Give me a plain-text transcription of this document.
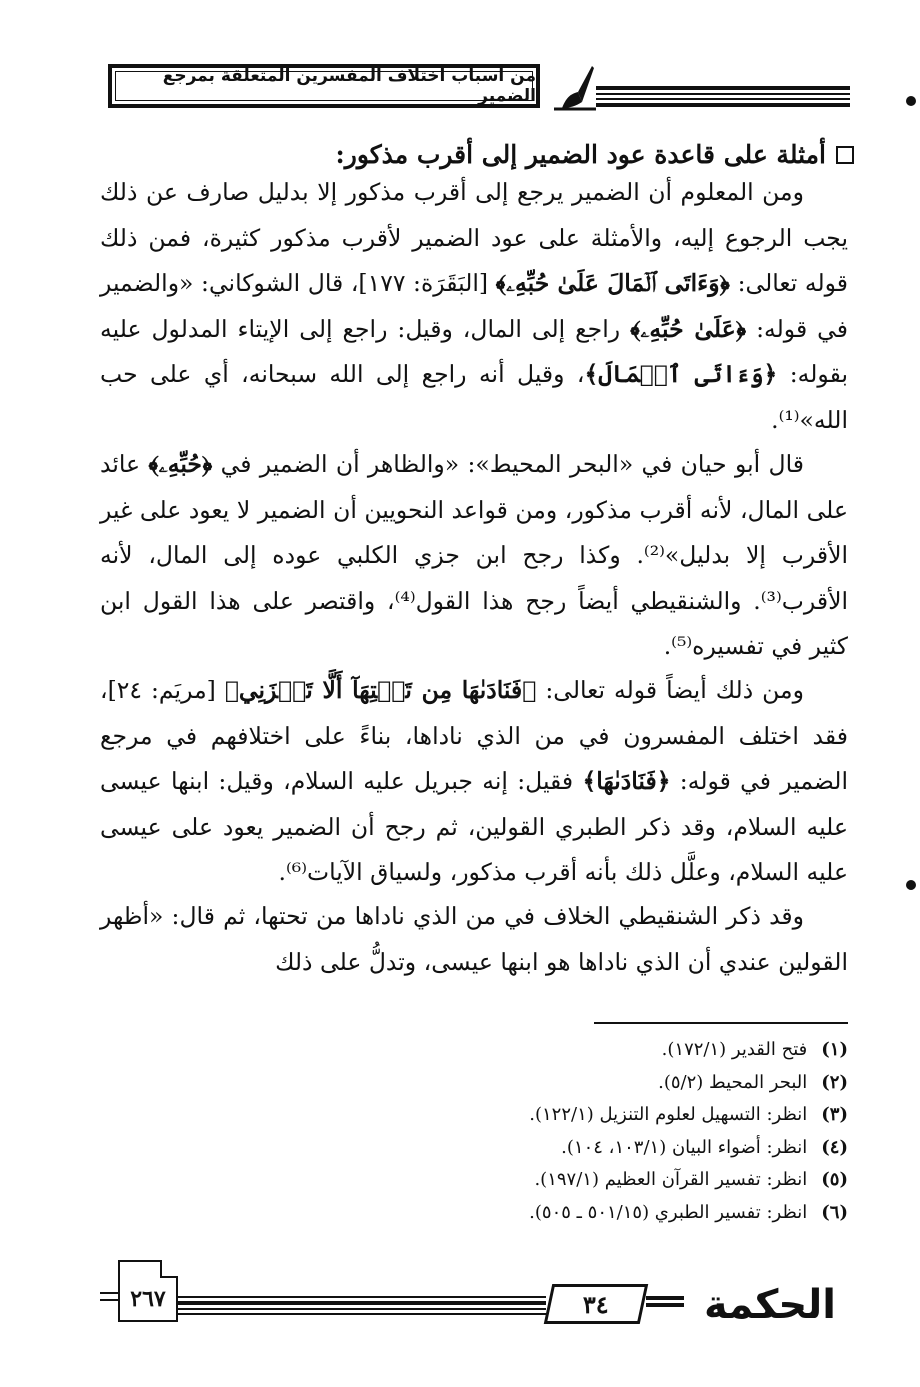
من أسباب اختلاف المفسرين المتعلقة بمرجع الضمير
أمثلة على قاعدة عود الضمير إلى أقرب مذكور:

ومن المعلوم أن الضمير يرجع إلى أقرب مذكور إلا بدليل صارف عن ذلك يجب الرجوع إليه، والأمثلة على عود الضمير لأقرب مذكور كثيرة، فمن ذلك قوله تعالى: ﴿وَءَاتَى ٱلۡمَالَ عَلَىٰ حُبِّهِۦ﴾ [البَقَرَة: ١٧٧]، قال الشوكاني: «والضمير في قوله: ﴿عَلَىٰ حُبِّهِۦ﴾ راجع إلى المال، وقيل: راجع إلى الإيتاء المدلول عليه بقوله: ﴿وَءَاتَى ٱلۡمَالَ﴾، وقيل أنه راجع إلى الله سبحانه، أي على حب الله»⁽¹⁾.

قال أبو حيان في «البحر المحيط»: «والظاهر أن الضمير في ﴿حُبِّهِۦ﴾ عائد على المال، لأنه أقرب مذكور، ومن قواعد النحويين أن الضمير لا يعود على غير الأقرب إلا بدليل»⁽²⁾. وكذا رجح ابن جزي الكلبي عوده إلى المال، لأنه الأقرب⁽³⁾. والشنقيطي أيضاً رجح هذا القول⁽⁴⁾، واقتصر على هذا القول ابن كثير في تفسيره⁽⁵⁾.

ومن ذلك أيضاً قوله تعالى: ﴿فَنَادَىٰهَا مِن تَحۡتِهَآ أَلَّا تَحۡزَنِي﴾ [مريَم: ٢٤]، فقد اختلف المفسرون في من الذي ناداها، بناءً على اختلافهم في مرجع الضمير في قوله: ﴿فَنَادَىٰهَا﴾ فقيل: إنه جبريل عليه السلام، وقيل: ابنها عيسى عليه السلام، وقد ذكر الطبري القولين، ثم رجح أن الضمير يعود على عيسى عليه السلام، وعلَّل ذلك بأنه أقرب مذكور، ولسياق الآيات⁽⁶⁾.

وقد ذكر الشنقيطي الخلاف في من الذي ناداها من تحتها، ثم قال: «أظهر القولين عندي أن الذي ناداها هو ابنها عيسى، وتدلُّ على ذلك

(١)
فتح القدير (١٧٢/١).
(٢)
البحر المحيط (٥/٢).
(٣)
انظر: التسهيل لعلوم التنزيل (١٢٢/١).
(٤)
انظر: أضواء البيان (١٠٣/١، ١٠٤).
(٥)
انظر: تفسير القرآن العظيم (١٩٧/١).
(٦)
انظر: تفسير الطبري (٥٠١/١٥ ـ ٥٠٥).
٢٦٧	٣٤ الحكمة
